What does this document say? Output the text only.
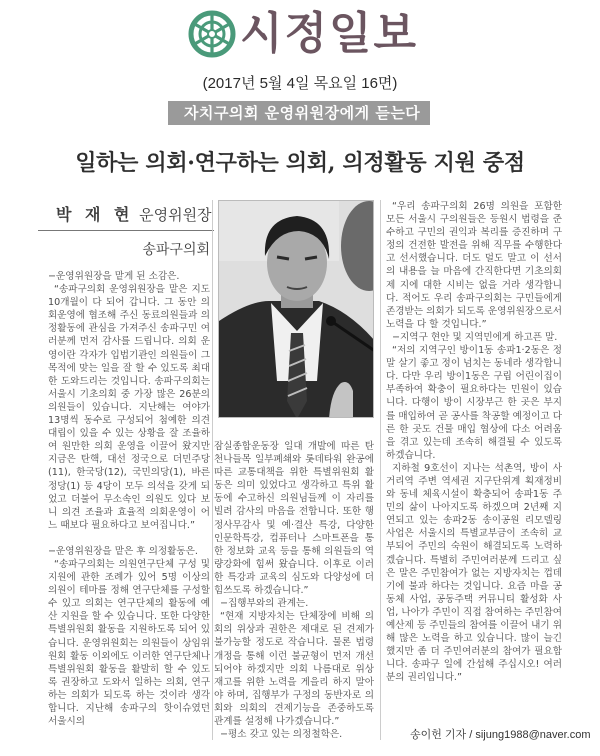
시정일보
(2017년 5월 4일 목요일 16면)
자치구의회 운영위원장에게 듣는다
일하는 의회·연구하는 의회, 의정활동 지원 중점
박 재 현 운영위원장
송파구의회

−운영위원장을 맡게 된 소감은.

“송파구의회 운영위원장을 맡은 지도 10개월이 다 되어 갑니다. 그 동안 의회운영에 협조해 주신 동료의원들과 의정활동에 관심을 가져주신 송파구민 여러분께 먼저 감사를 드립니다. 의회 운영이란 각자가 입법기관인 의원들이 그 목적에 맞는 일을 잘 할 수 있도록 최대한 도와드리는 것입니다. 송파구의회는 서울시 기초의회 중 가장 많은 26분의 의원들이 있습니다. 지난해는 여야가 13명씩 동수로 구성되어 첨예한 의견대립이 있을 수 있는 상황을 잘 조율하여 원만한 의회 운영을 이끌어 왔지만 지금은 탄핵, 대선 정국으로 더민주당(11), 한국당(12), 국민의당(1), 바른정당(1) 등 4당이 모두 의석을 갖게 되었고 더불어 무소속인 의원도 있다 보니 의견 조율과 효율적 의회운영이 어느 때보다 필요하다고 보여집니다.”

−운영위원장을 맡은 후 의정활동은.

“송파구의회는 의원연구단체 구성 및 지원에 관한 조례가 있어 5명 이상의 의원이 테마를 정해 연구단체를 구성할 수 있고 의회는 연구단체의 활동에 예산 지원을 할 수 있습니다. 또한 다양한 특별위원회 활동을 지원하도록 되어 있습니다. 운영위원회는 의원들이 상임위원회 활동 이외에도 이러한 연구단체나 특별위원회 활동을 활발히 할 수 있도록 권장하고 도와서 일하는 의회, 연구하는 의회가 되도록 하는 것이라 생각합니다. 지난해 송파구의 핫이슈였던 서울시의

잠실종합운동장 일대 개발에 따른 탄천나들목 일부폐쇄와 롯데타워 완공에 따른 교통대책을 위한 특별위원회 활동은 의미 있었다고 생각하고 특위 활동에 수고하신 의원님들께 이 자리를 빌려 감사의 마음을 전합니다. 또한 행정사무감사 및 예·결산 특강, 다양한 인문학특강, 컴퓨터나 스마트폰을 통한 정보화 교육 등을 통해 의원들의 역량강화에 힘써 왔습니다. 이후로 이러한 특강과 교육의 심도와 다양성에 더 힘쓰도록 하겠습니다.”

−집행부와의 관계는.

“현재 지방자치는 단체장에 비해 의회의 위상과 권한은 제대로 된 견제가 불가능할 정도로 작습니다. 물론 법령개정을 통해 이런 불균형이 먼저 개선되어야 하겠지만 의회 나름대로 위상재고를 위한 노력을 게을리 하지 말아야 하며, 집행부가 구정의 동반자로 의회와 의회의 견제기능을 존중하도록 관계를 설정해 나가겠습니다.”

−평소 갖고 있는 의정철학은.

“우리 송파구의회 26명 의원을 포함한 모든 서울시 구의원들은 등원시 법령을 준수하고 구민의 권익과 복리를 증진하며 구정의 건전한 발전을 위해 직무를 수행한다고 선서했습니다. 더도 덜도 말고 이 선서의 내용을 늘 마음에 간직한다면 기초의회제 지에 대한 시비는 없을 거라 생각합니다. 적어도 우리 송파구의회는 구민들에게 존경받는 의회가 되도록 운영위원장으로서 노력을 다 할 것입니다.”

−지역구 현안 및 지역민에게 하고픈 말.

“저의 지역구인 방이1동 송파1·2동은 정말 살기 좋고 정이 넘치는 동네라 생각합니다. 다만 우리 방이1동은 구립 어린이집이 부족하여 확충이 필요하다는 민원이 있습니다. 다행이 방이 시장부근 한 곳은 부지를 매입하여 곧 공사를 착공할 예정이고 다른 한 곳도 건물 매입 협상에 다소 어려움을 겪고 있는데 조속히 해결될 수 있도록 하겠습니다.

지하철 9호선이 지나는 석촌역, 방이 사거리역 주변 역세권 지구단위계 획재정비와 동네 체육시설이 확충되어 송파1동 주민의 삶이 나아지도록 하겠으며 2년째 지연되고 있는 송파2동 송이공원 리모델링 사업은 서울시의 특별교부금이 조속히 교부되어 주민의 숙원이 해결되도록 노력하겠습니다. 특별히 주민여러분께 드리고 싶은 말은 주민참여가 없는 지방자치는 껍데기에 불과 하다는 것입니다. 요즘 마을 공동체 사업, 공동주택 커뮤니티 활성화 사업, 나아가 주민이 직접 참여하는 주민참여예산제 등 주민들의 참여를 이끌어 내기 위해 많은 노력을 하고 있습니다. 많이 늘긴 했지만 좀 더 주민여러분의 참여가 필요합니다. 송파구 일에 간섭해 주십시오! 여러분의 권리입니다.”

송이헌 기자 / sijung1988@naver.com
